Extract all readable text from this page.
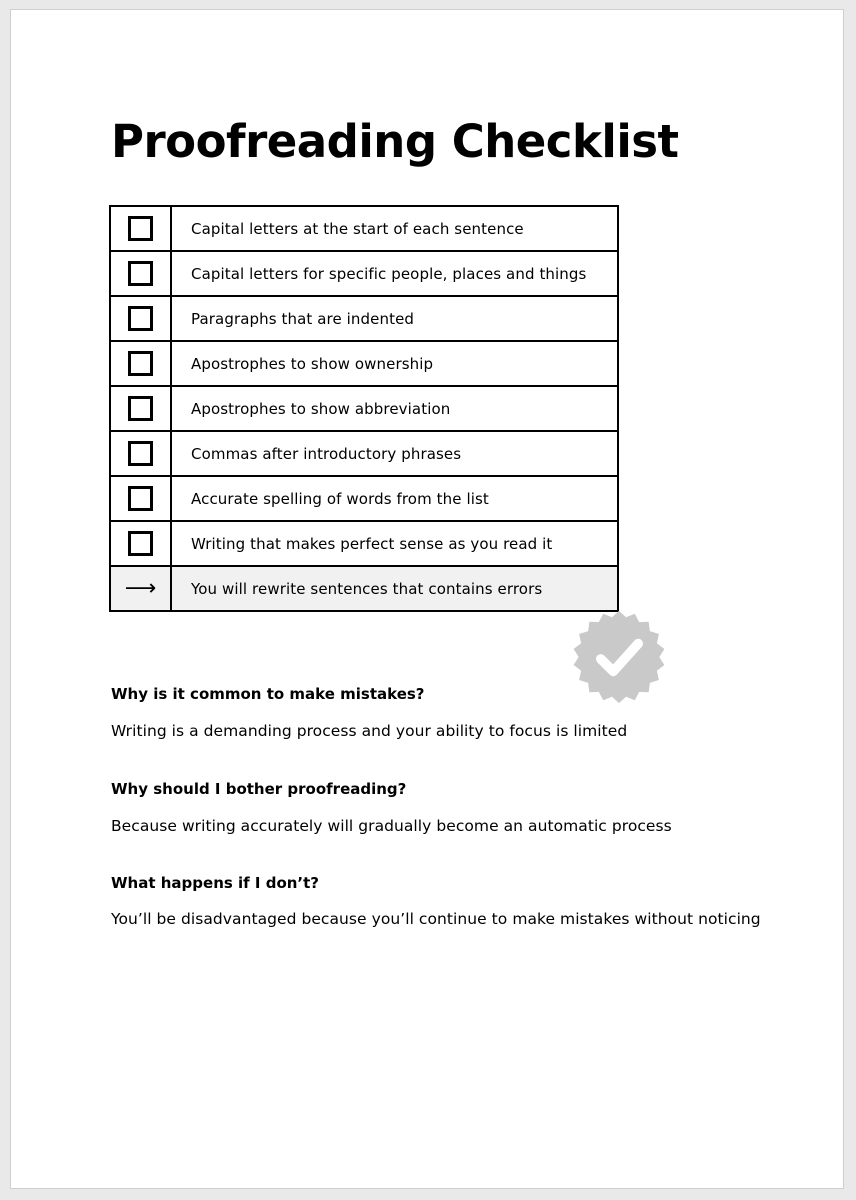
Proofreading Checklist
	Capital letters at the start of each sentence
	Capital letters for specific people, places and things
	Paragraphs that are indented
	Apostrophes to show ownership
	Apostrophes to show abbreviation
	Commas after introductory phrases
	Accurate spelling of words from the list
	Writing that makes perfect sense as you read it
⟶	You will rewrite sentences that contains errors

Why is it common to make mistakes?

Writing is a demanding process and your ability to focus is limited

Why should I bother proofreading?

Because writing accurately will gradually become an automatic process

What happens if I don’t?

You’ll be disadvantaged because you’ll continue to make mistakes without noticing
